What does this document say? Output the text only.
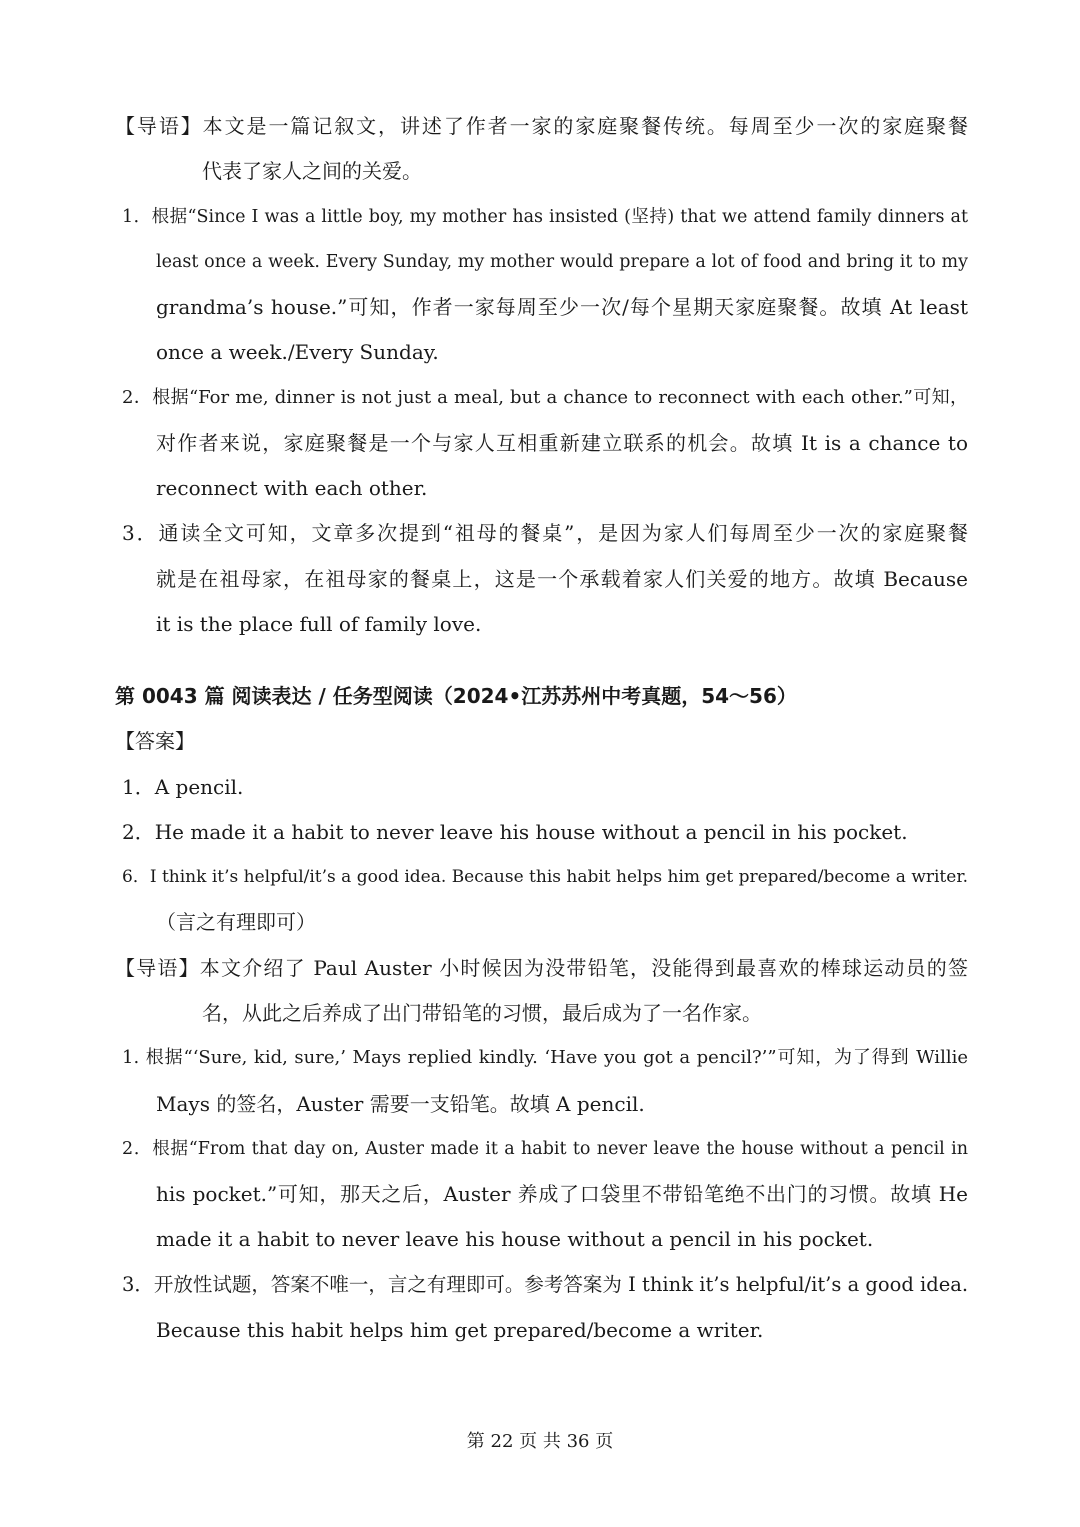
【导语】本文是一篇记叙文，讲述了作者一家的家庭聚餐传统。每周至少一次的家庭聚餐
代表了家人之间的关爱。
1．根据“Since I was a little boy, my mother has insisted (坚持) that we attend family dinners at
least once a week. Every Sunday, my mother would prepare a lot of food and bring it to my
grandma’s house.”可知，作者一家每周至少一次/每个星期天家庭聚餐。故填 At least
once a week./Every Sunday.
2．根据“For me, dinner is not just a meal, but a chance to reconnect with each other.”可知，
对作者来说，家庭聚餐是一个与家人互相重新建立联系的机会。故填 It is a chance to
reconnect with each other.
3．通读全文可知，文章多次提到“祖母的餐桌”，是因为家人们每周至少一次的家庭聚餐
就是在祖母家，在祖母家的餐桌上，这是一个承载着家人们关爱的地方。故填 Because
it is the place full of family love.
第 0043 篇 阅读表达 / 任务型阅读（2024•江苏苏州中考真题，54～56）
【答案】
1．A pencil.
2．He made it a habit to never leave his house without a pencil in his pocket.
6．I think it’s helpful/it’s a good idea. Because this habit helps him get prepared/become a writer.
（言之有理即可）
【导语】本文介绍了 Paul Auster 小时候因为没带铅笔，没能得到最喜欢的棒球运动员的签
名，从此之后养成了出门带铅笔的习惯，最后成为了一名作家。
1. 根据“‘Sure, kid, sure,’ Mays replied kindly. ‘Have you got a pencil?’”可知，为了得到 Willie
Mays 的签名，Auster 需要一支铅笔。故填 A pencil.
2．根据“From that day on, Auster made it a habit to never leave the house without a pencil in
his pocket.”可知，那天之后，Auster 养成了口袋里不带铅笔绝不出门的习惯。故填 He
made it a habit to never leave his house without a pencil in his pocket.
3．开放性试题，答案不唯一，言之有理即可。参考答案为 I think it’s helpful/it’s a good idea.
Because this habit helps him get prepared/become a writer.
第 22 页 共 36 页
